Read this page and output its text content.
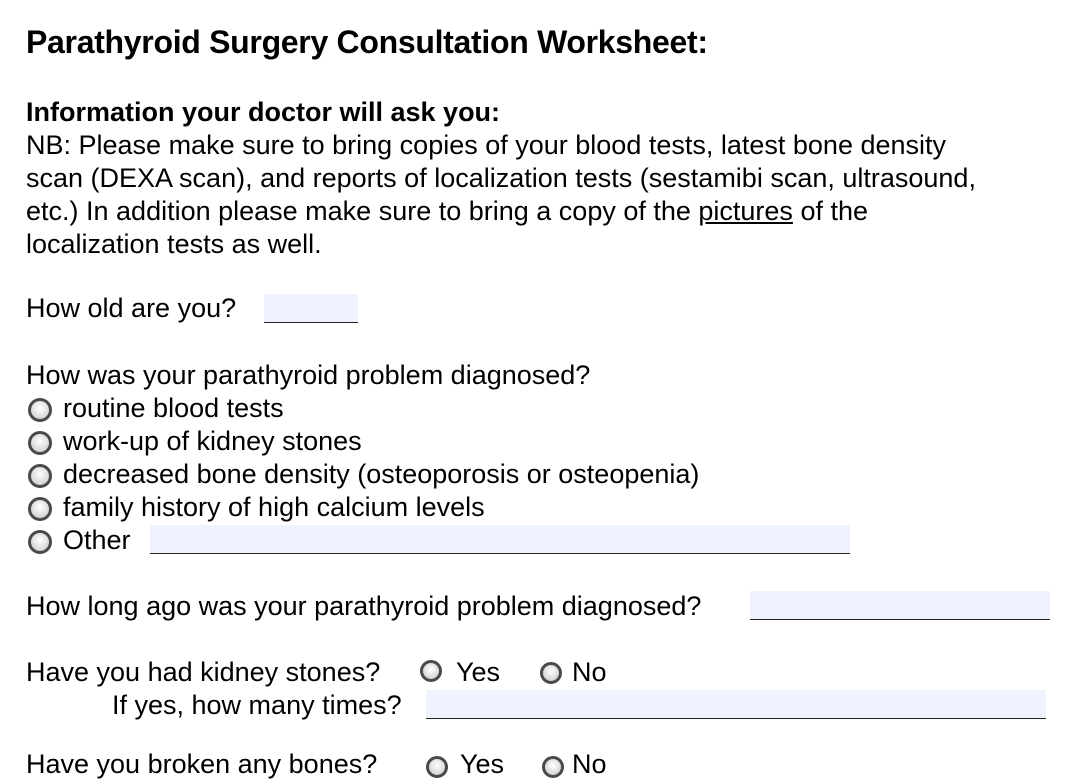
Parathyroid Surgery Consultation Worksheet:
Information your doctor will ask you:
NB: Please make sure to bring copies of your blood tests, latest bone density
scan (DEXA scan), and reports of localization tests (sestamibi scan, ultrasound,
etc.) In addition please make sure to bring a copy of the pictures of the
localization tests as well.
How old are you?
How was your parathyroid problem diagnosed?
routine blood tests
work-up of kidney stones
decreased bone density (osteoporosis or osteopenia)
family history of high calcium levels
Other
How long ago was your parathyroid problem diagnosed?
Have you had kidney stones?	Yes	No
If yes, how many times?
Have you broken any bones?	Yes	No
